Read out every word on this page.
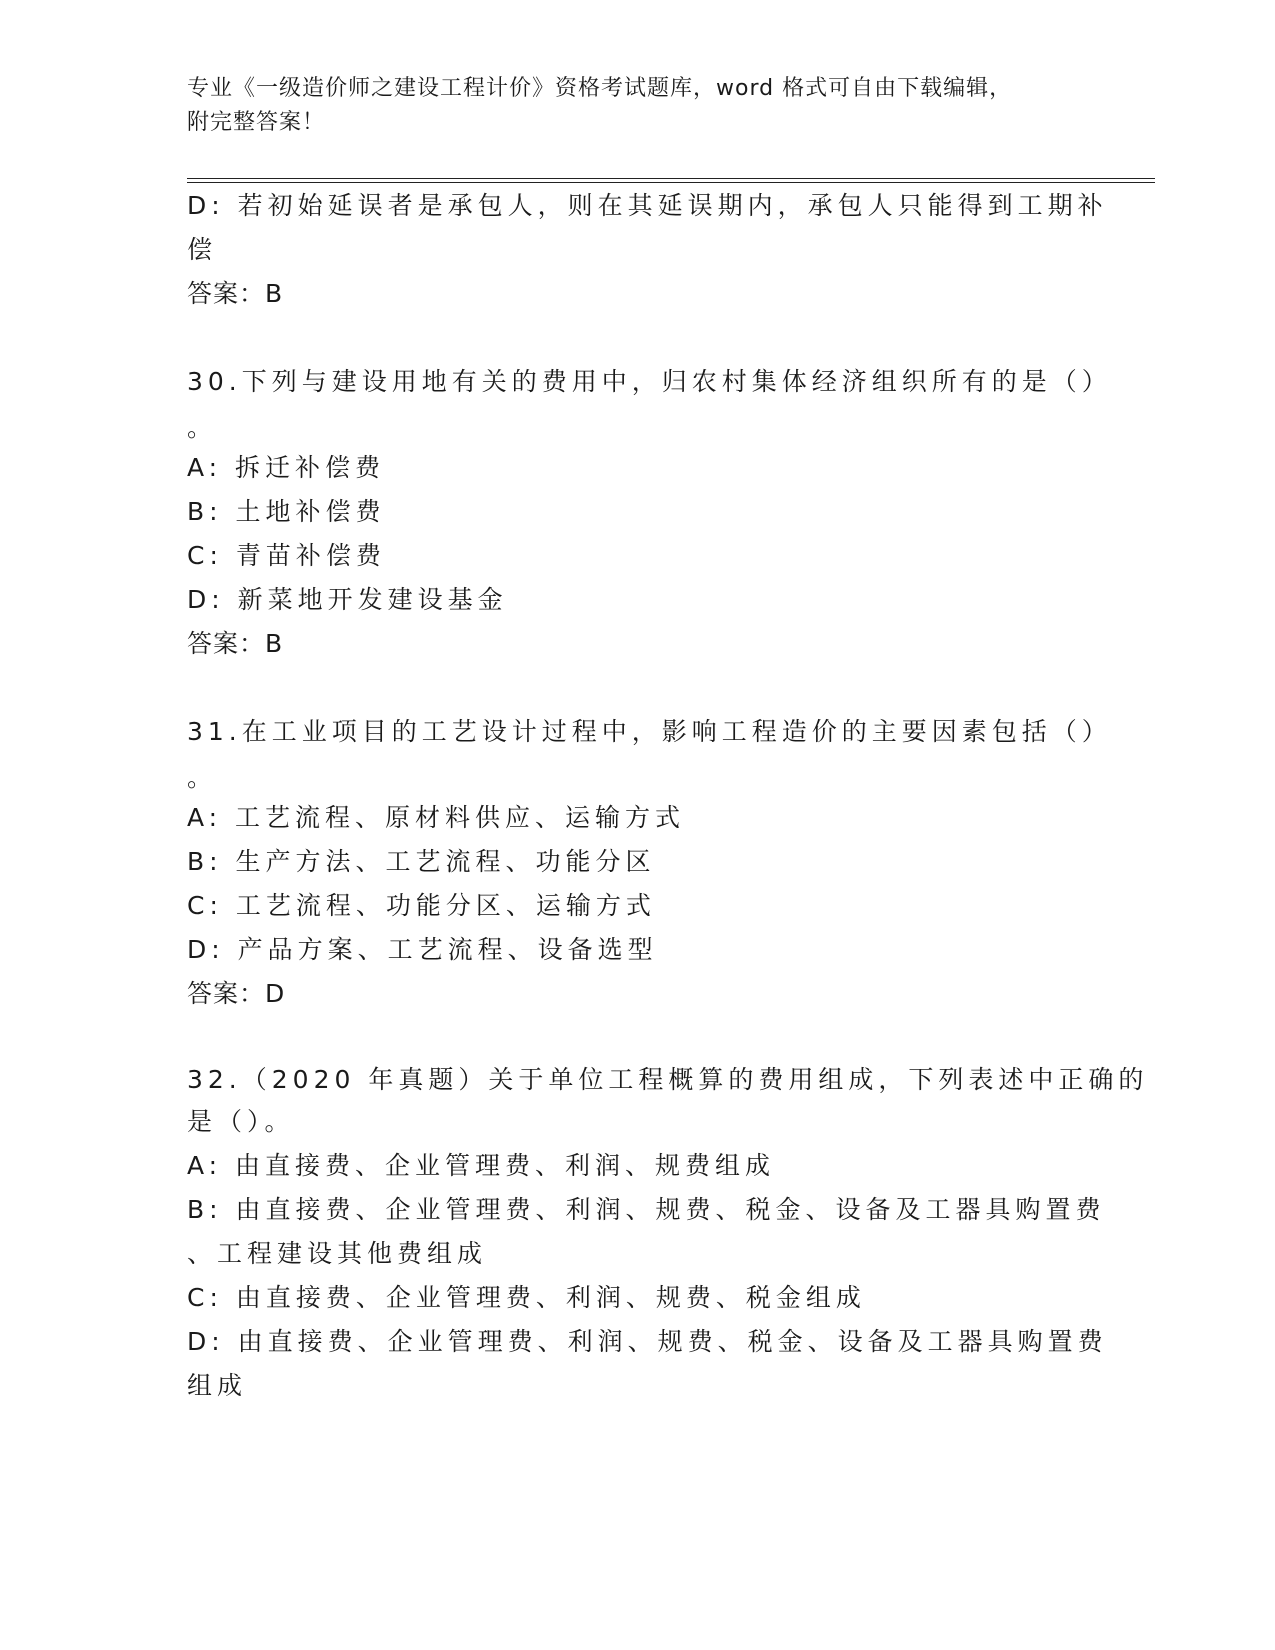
专业《一级造价师之建设工程计价》资格考试题库，word 格式可自由下载编辑，
附完整答案！
D: 若初始延误者是承包人，则在其延误期内，承包人只能得到工期补
偿
答案：B
30.下列与建设用地有关的费用中，归农村集体经济组织所有的是（）
。
A: 拆迁补偿费
B: 土地补偿费
C: 青苗补偿费
D: 新菜地开发建设基金
答案：B
31.在工业项目的工艺设计过程中，影响工程造价的主要因素包括（）
。
A: 工艺流程、原材料供应、运输方式
B: 生产方法、工艺流程、功能分区
C: 工艺流程、功能分区、运输方式
D: 产品方案、工艺流程、设备选型
答案：D
32.（2020 年真题）关于单位工程概算的费用组成，下列表述中正确的
是（）。
A: 由直接费、企业管理费、利润、规费组成
B: 由直接费、企业管理费、利润、规费、税金、设备及工器具购置费
、工程建设其他费组成
C: 由直接费、企业管理费、利润、规费、税金组成
D: 由直接费、企业管理费、利润、规费、税金、设备及工器具购置费
组成
